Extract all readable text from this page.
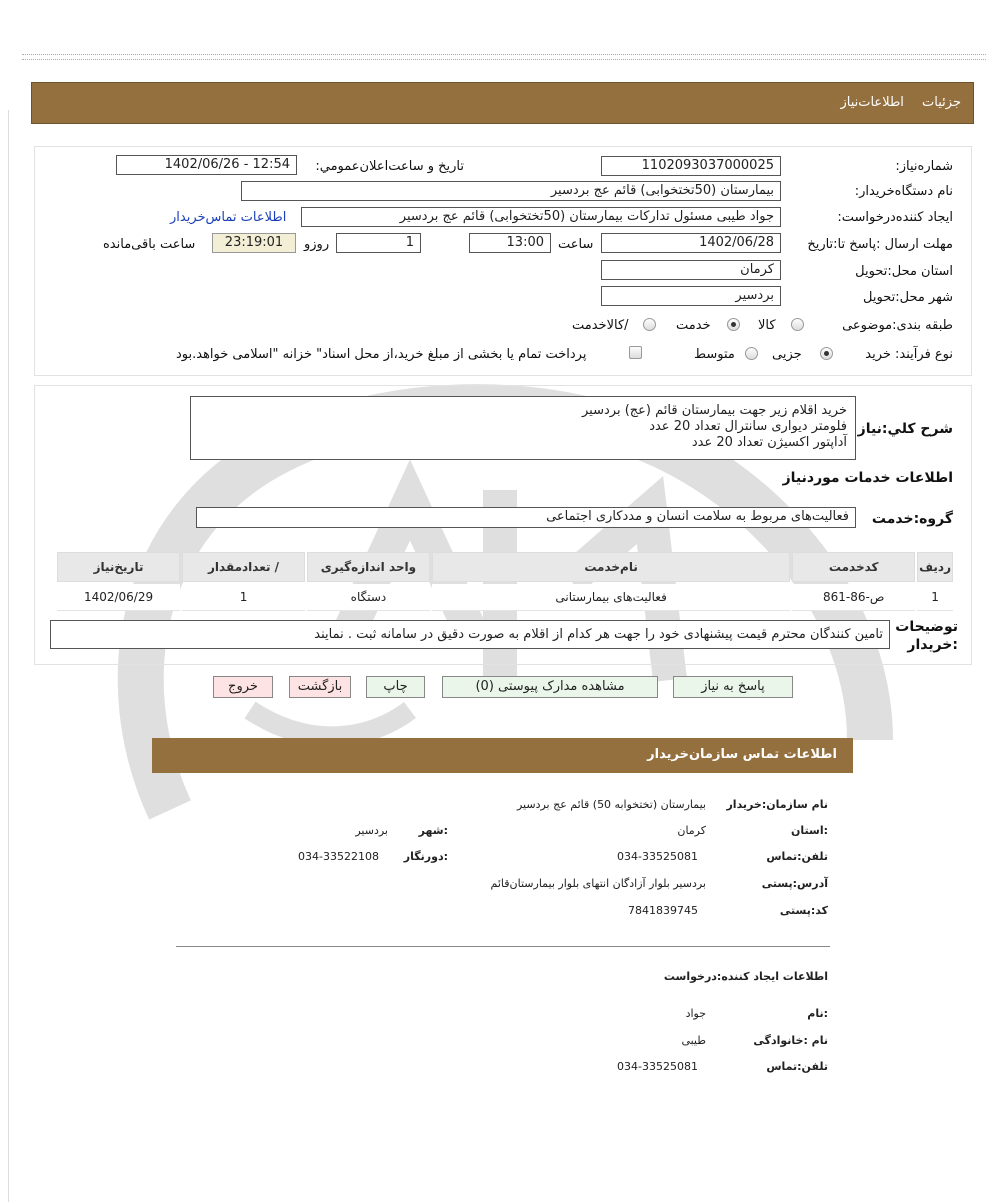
جزئیات اطلاعات‌نیاز
شماره‌نیاز:
1102093037000025
تاریخ و ساعت‌اعلان‌عمومي:
1402/06/26 - 12:54
نام دستگاه‌خریدار:
بیمارستان (50تختخوابی) قائم عج بردسیر
ایجاد کننده‌درخواست:
جواد طیبی مسئول تدارکات بیمارستان (50تختخوابی) قائم عج بردسیر
اطلاعات تماس‌خریدار
مهلت ارسال :پاسخ تا:تاریخ
1402/06/28
ساعت
13:00
1
روزو
23:19:01
ساعت باقی‌مانده
استان محل:تحویل
کرمان
شهر محل:تحویل
بردسیر
طبقه بندی:موضوعی
کالا
خدمت
/کالاخدمت
نوع فرآیند: خرید
جزیی
متوسط
پرداخت تمام یا بخشی از مبلغ خرید،از محل اسناد" خزانه "اسلامی خواهد.بود
شرح کلي:نیاز
خرید اقلام زیر جهت بیمارستان قائم (عج) بردسیر
فلومتر دیواری سانترال تعداد 20 عدد
آداپتور اکسیژن تعداد 20 عدد
اطلاعات خدمات موردنیاز
گروه:خدمت
فعالیت‌های مربوط به سلامت انسان و مددکاری اجتماعی
ردیف	کدخدمت	نام‌خدمت	واحد اندازه‌گیری	/ تعدادمقدار	تاریخ‌نیاز
1	ص-86-861	فعالیت‌های بیمارستانی	دستگاه	1	1402/06/29
توضیحات
:خریدار
تامین کنندگان محترم قیمت پیشنهادی خود را جهت هر کدام از اقلام به صورت دقیق در سامانه ثبت . نمایند
پاسخ به نیاز
مشاهده مدارک پیوستی (0)
چاپ
بازگشت
خروج
اطلاعات تماس سازمان‌خریدار
نام سازمان:خریدار
بیمارستان (تختخوابه 50) قائم عج بردسیر
:استان
کرمان
:شهر
بردسیر
تلفن:تماس
034-33525081
:دورنگار
034-33522108
آدرس:پستی
بردسیر بلوار آزادگان انتهای بلوار بیمارستان‌قائم
کد:پستی
7841839745
اطلاعات ایجاد کننده:درخواست
:نام
جواد
نام :خانوادگی
طیبی
تلفن:تماس
034-33525081
